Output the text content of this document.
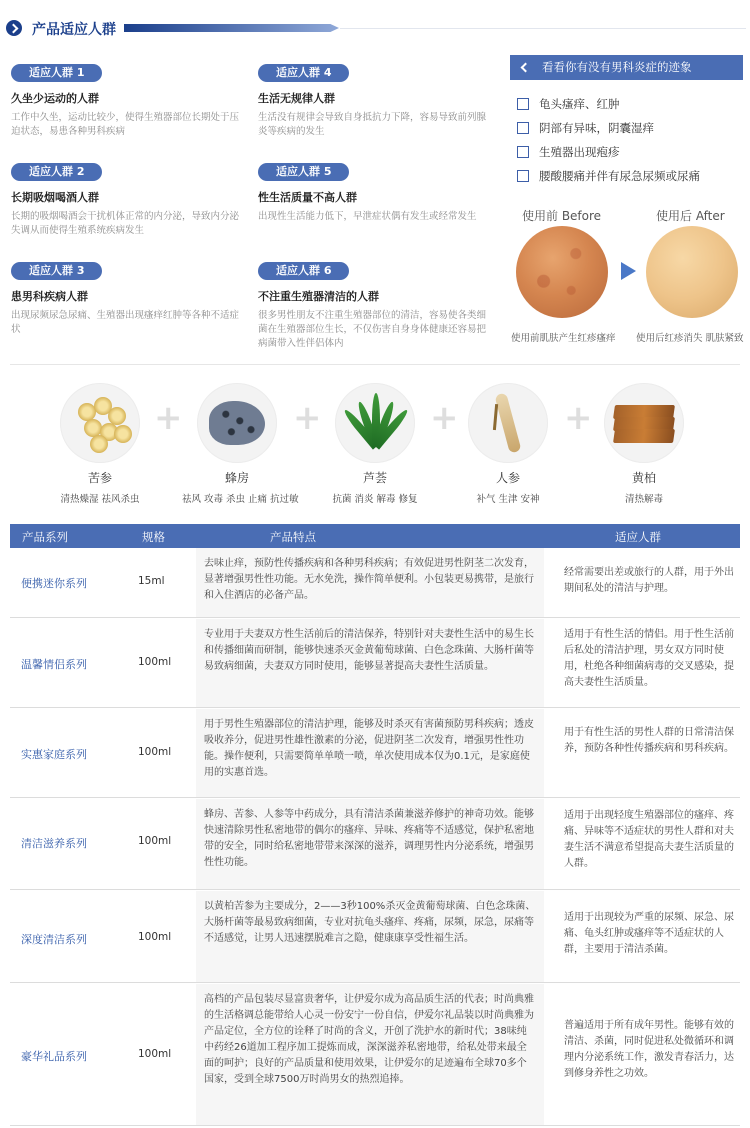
产品适应人群
适应人群 1
久坐少运动的人群
工作中久坐，运动比较少，使得生殖器部位长期处于压迫状态，易患各种男科疾病
适应人群 2
长期吸烟喝酒人群
长期的吸烟喝酒会干扰机体正常的内分泌，导致内分泌失调从而使得生殖系统疾病发生
适应人群 3
患男科疾病人群
出现尿频尿急尿痛、生殖器出现瘙痒红肿等各种不适症状
适应人群 4
生活无规律人群
生活没有规律会导致自身抵抗力下降，容易导致前列腺炎等疾病的发生
适应人群 5
性生活质量不高人群
出现性生活能力低下，早泄症状偶有发生或经常发生
适应人群 6
不注重生殖器清洁的人群
很多男性朋友不注重生殖器部位的清洁，容易使各类细菌在生殖器部位生长，不仅伤害自身身体健康还容易把病菌带入性伴侣体内
看看你有没有男科炎症的迹象
龟头瘙痒、红肿
阴部有异味，阴囊湿痒
生殖器出现疱疹
腰酸腰痛并伴有尿急尿频或尿痛
使用前 Before	使用后 After
使用前肌肤产生红疹瘙痒 使用后红疹消失 肌肤紧致
苦参
清热燥湿 祛风杀虫
+
蜂房
祛风 攻毒 杀虫 止痛 抗过敏
+
芦荟
抗菌 消炎 解毒 修复
+
人参
补气 生津 安神
+
黄柏
清热解毒
产品系列	规格	产品特点	适应人群
便携迷你系列	15ml
去味止痒，预防性传播疾病和各种男科疾病；有效促进男性阴茎二次发育，显著增强男性性功能。无水免洗，操作简单便利。小包装更易携带，是旅行和入住酒店的必备产品。
经常需要出差或旅行的人群，用于外出期间私处的清洁与护理。
温馨情侣系列	100ml
专业用于夫妻双方性生活前后的清洁保养，特别针对夫妻性生活中的易生长和传播细菌而研制，能够快速杀灭金黄葡萄球菌、白色念珠菌、大肠杆菌等易致病细菌，夫妻双方同时使用，能够显著提高夫妻性生活质量。
适用于有性生活的情侣。用于性生活前后私处的清洁护理，男女双方同时使用，杜绝各种细菌病毒的交叉感染，提高夫妻性生活质量。
实惠家庭系列	100ml
用于男性生殖器部位的清洁护理，能够及时杀灭有害菌预防男科疾病；透皮吸收养分，促进男性雄性激素的分泌，促进阴茎二次发育，增强男性性功能。操作便利，只需要简单单喷一喷，单次使用成本仅为0.1元，是家庭使用的实惠首选。
用于有性生活的男性人群的日常清洁保养，预防各种性传播疾病和男科疾病。
清洁滋养系列	100ml
蜂房、苦参、人参等中药成分，具有清洁杀菌兼滋养修护的神奇功效。能够快速清除男性私密地带的偶尔的瘙痒、异味、疼痛等不适感觉，保护私密地带的安全，同时给私密地带带来深深的滋养，调理男性内分泌系统，增强男性性功能。
适用于出现轻度生殖器部位的瘙痒、疼痛、异味等不适症状的男性人群和对夫妻生活不满意希望提高夫妻生活质量的人群。
深度清洁系列	100ml
以黄柏苦参为主要成分，2——3秒100%杀灭金黄葡萄球菌、白色念珠菌、大肠杆菌等最易致病细菌，专业对抗龟头瘙痒、疼痛，尿频，尿急，尿痛等不适感觉，让男人迅速摆脱难言之隐，健康康享受性福生活。
适用于出现较为严重的尿频、尿急、尿痛、龟头红肿或瘙痒等不适症状的人群，主要用于清洁杀菌。
豪华礼品系列	100ml
高档的产品包装尽显富贵奢华，让伊爱尔成为高品质生活的代表；时尚典雅的生活格调总能带给人心灵一份安宁一份自信，伊爱尔礼品装以时尚典雅为产品定位，全方位的诠释了时尚的含义，开创了洗护水的新时代；38味纯中药经26道加工程序加工提炼而成，深深滋养私密地带，给私处带来最全面的呵护；良好的产品质量和使用效果，让伊爱尔的足迹遍布全球70多个国家，受到全球7500万时尚男女的热烈追捧。
普遍适用于所有成年男性。能够有效的清洁、杀菌，同时促进私处微循环和调理内分泌系统工作，激发青春活力，达到修身养性之功效。
